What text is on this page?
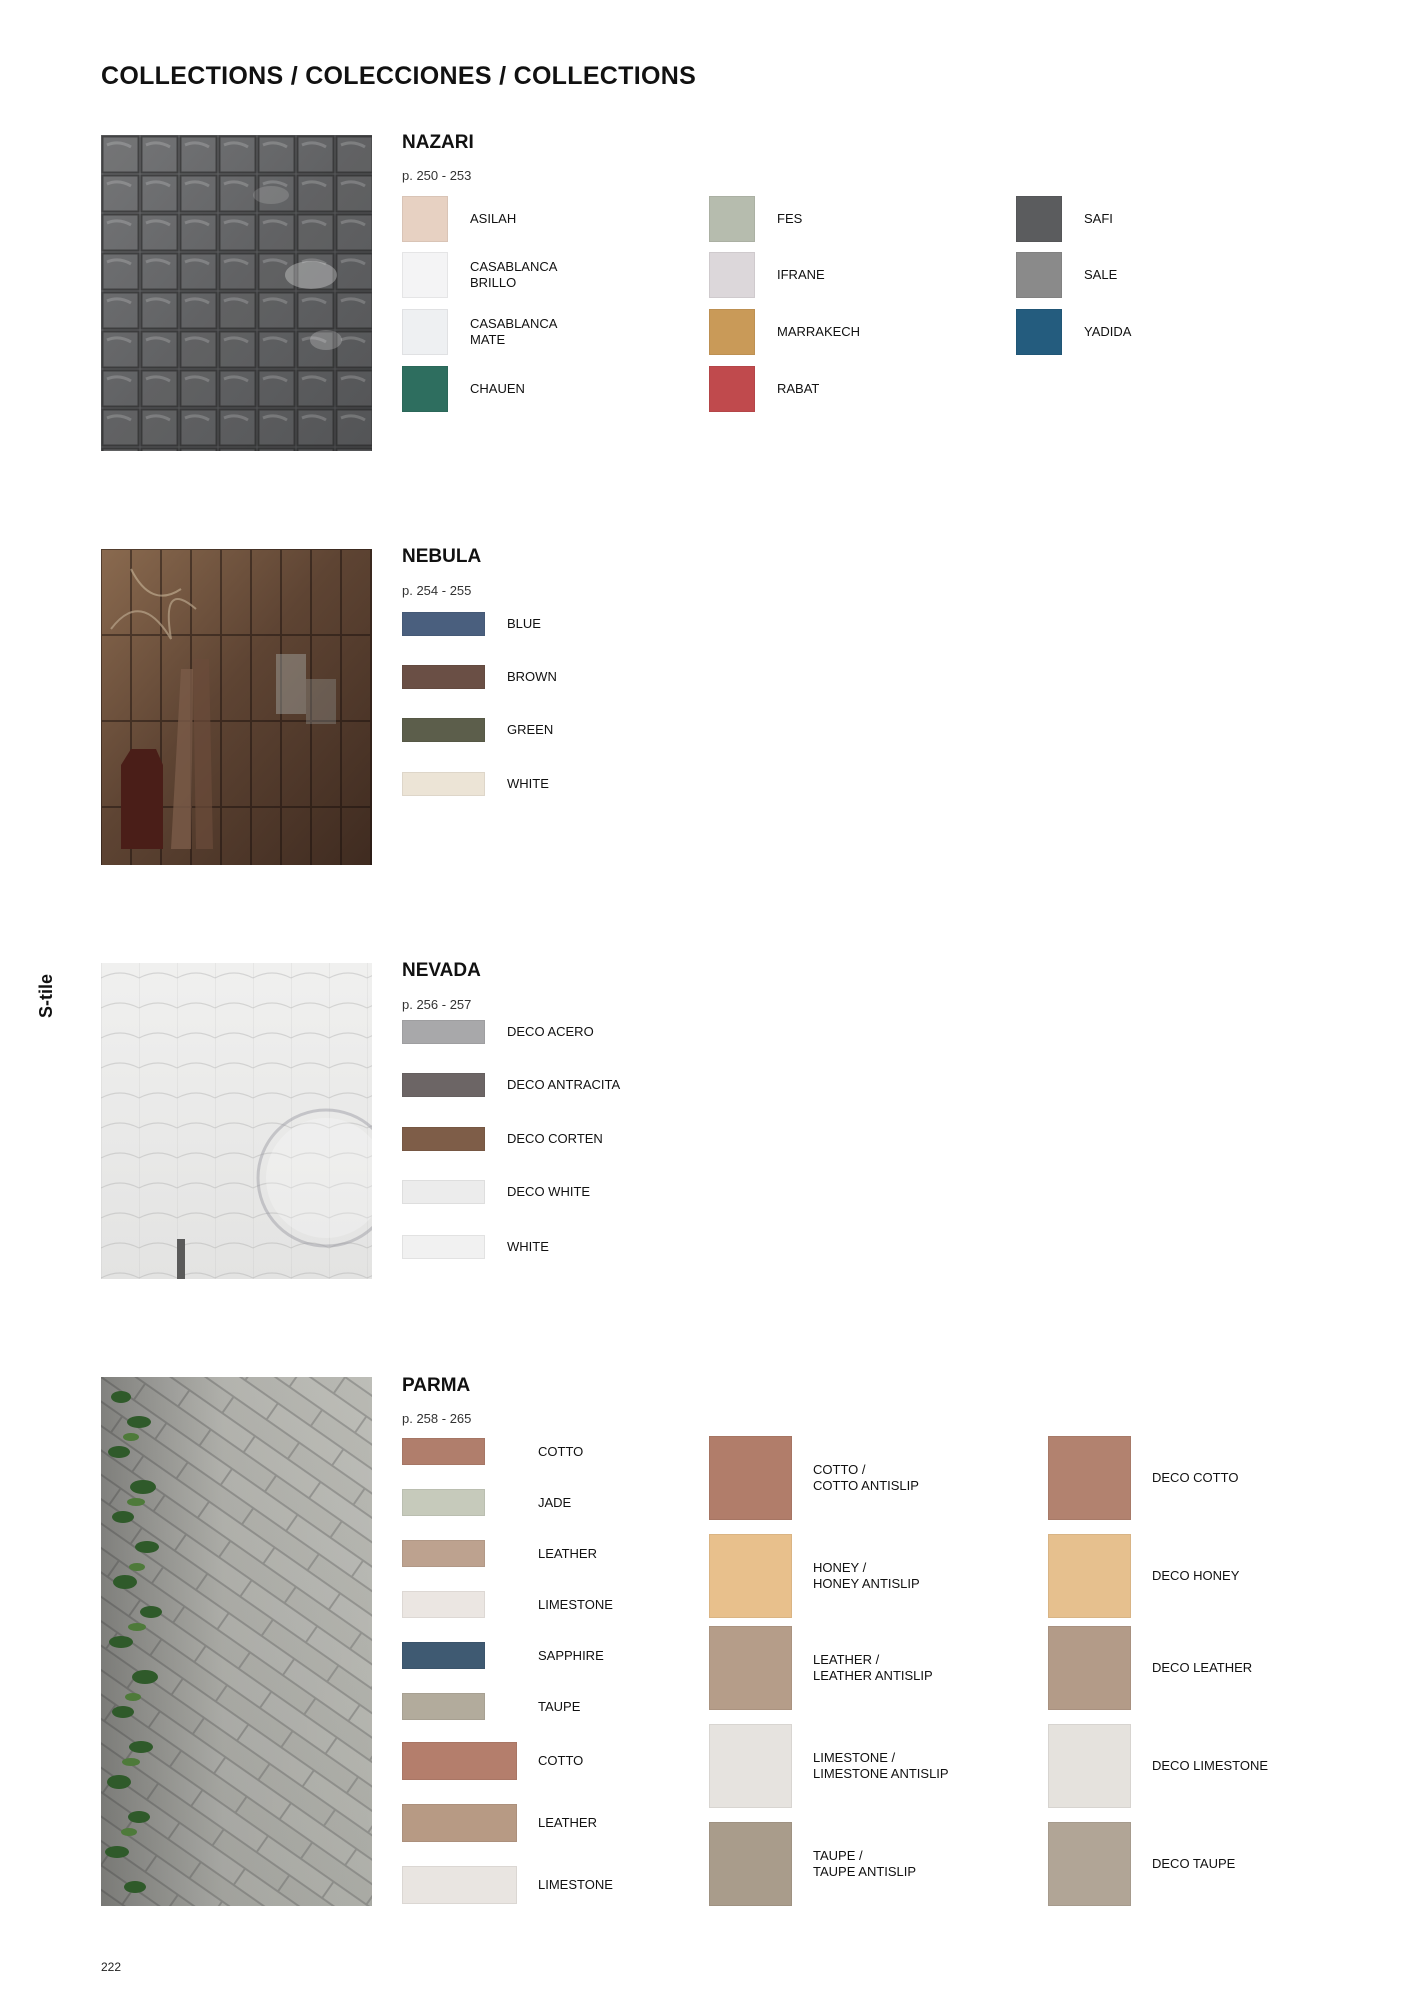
COLLECTIONS / COLECCIONES / COLLECTIONS
S-tile
NAZARI
p. 250 - 253
ASILAH
CASABLANCA
BRILLO
CASABLANCA
MATE
CHAUEN
FES
IFRANE
MARRAKECH
RABAT
SAFI
SALE
YADIDA
NEBULA
p. 254 - 255
BLUE
BROWN
GREEN
WHITE
NEVADA
p. 256 - 257
DECO ACERO
DECO ANTRACITA
DECO CORTEN
DECO WHITE
WHITE
PARMA
p. 258 - 265
COTTO
JADE
LEATHER
LIMESTONE
SAPPHIRE
TAUPE
COTTO
LEATHER
LIMESTONE
COTTO /
COTTO ANTISLIP
HONEY /
HONEY ANTISLIP
LEATHER /
LEATHER ANTISLIP
LIMESTONE /
LIMESTONE ANTISLIP
TAUPE /
TAUPE ANTISLIP
DECO COTTO
DECO HONEY
DECO LEATHER
DECO LIMESTONE
DECO TAUPE
222
